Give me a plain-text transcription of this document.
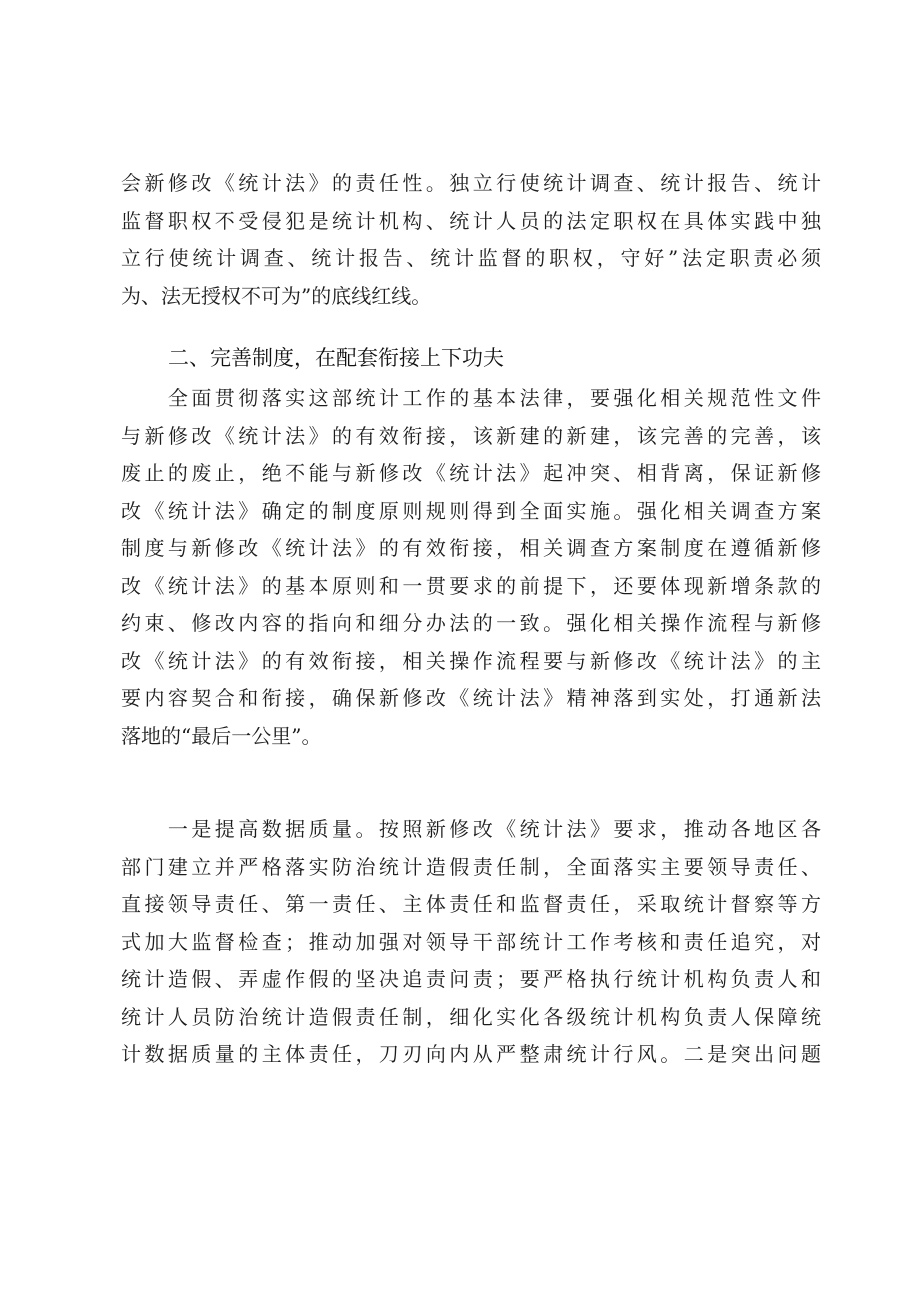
会新修改《统计法》的责任性。独立行使统计调查、统计报告、统计
监督职权不受侵犯是统计机构、统计人员的法定职权在具体实践中独
立行使统计调查、统计报告、统计监督的职权，守好”法定职责必须
为、法无授权不可为”的底线红线。
二、完善制度，在配套衔接上下功夫
　　全面贯彻落实这部统计工作的基本法律，要强化相关规范性文件
与新修改《统计法》的有效衔接，该新建的新建，该完善的完善，该
废止的废止，绝不能与新修改《统计法》起冲突、相背离，保证新修
改《统计法》确定的制度原则规则得到全面实施。强化相关调查方案
制度与新修改《统计法》的有效衔接，相关调查方案制度在遵循新修
改《统计法》的基本原则和一贯要求的前提下，还要体现新增条款的
约束、修改内容的指向和细分办法的一致。强化相关操作流程与新修
改《统计法》的有效衔接，相关操作流程要与新修改《统计法》的主
要内容契合和衔接，确保新修改《统计法》精神落到实处，打通新法
落地的“最后一公里”。
　　一是提高数据质量。按照新修改《统计法》要求，推动各地区各
部门建立并严格落实防治统计造假责任制，全面落实主要领导责任、
直接领导责任、第一责任、主体责任和监督责任，采取统计督察等方
式加大监督检查；推动加强对领导干部统计工作考核和责任追究，对
统计造假、弄虚作假的坚决追责问责；要严格执行统计机构负责人和
统计人员防治统计造假责任制，细化实化各级统计机构负责人保障统
计数据质量的主体责任，刀刃向内从严整肃统计行风。二是突出问题
